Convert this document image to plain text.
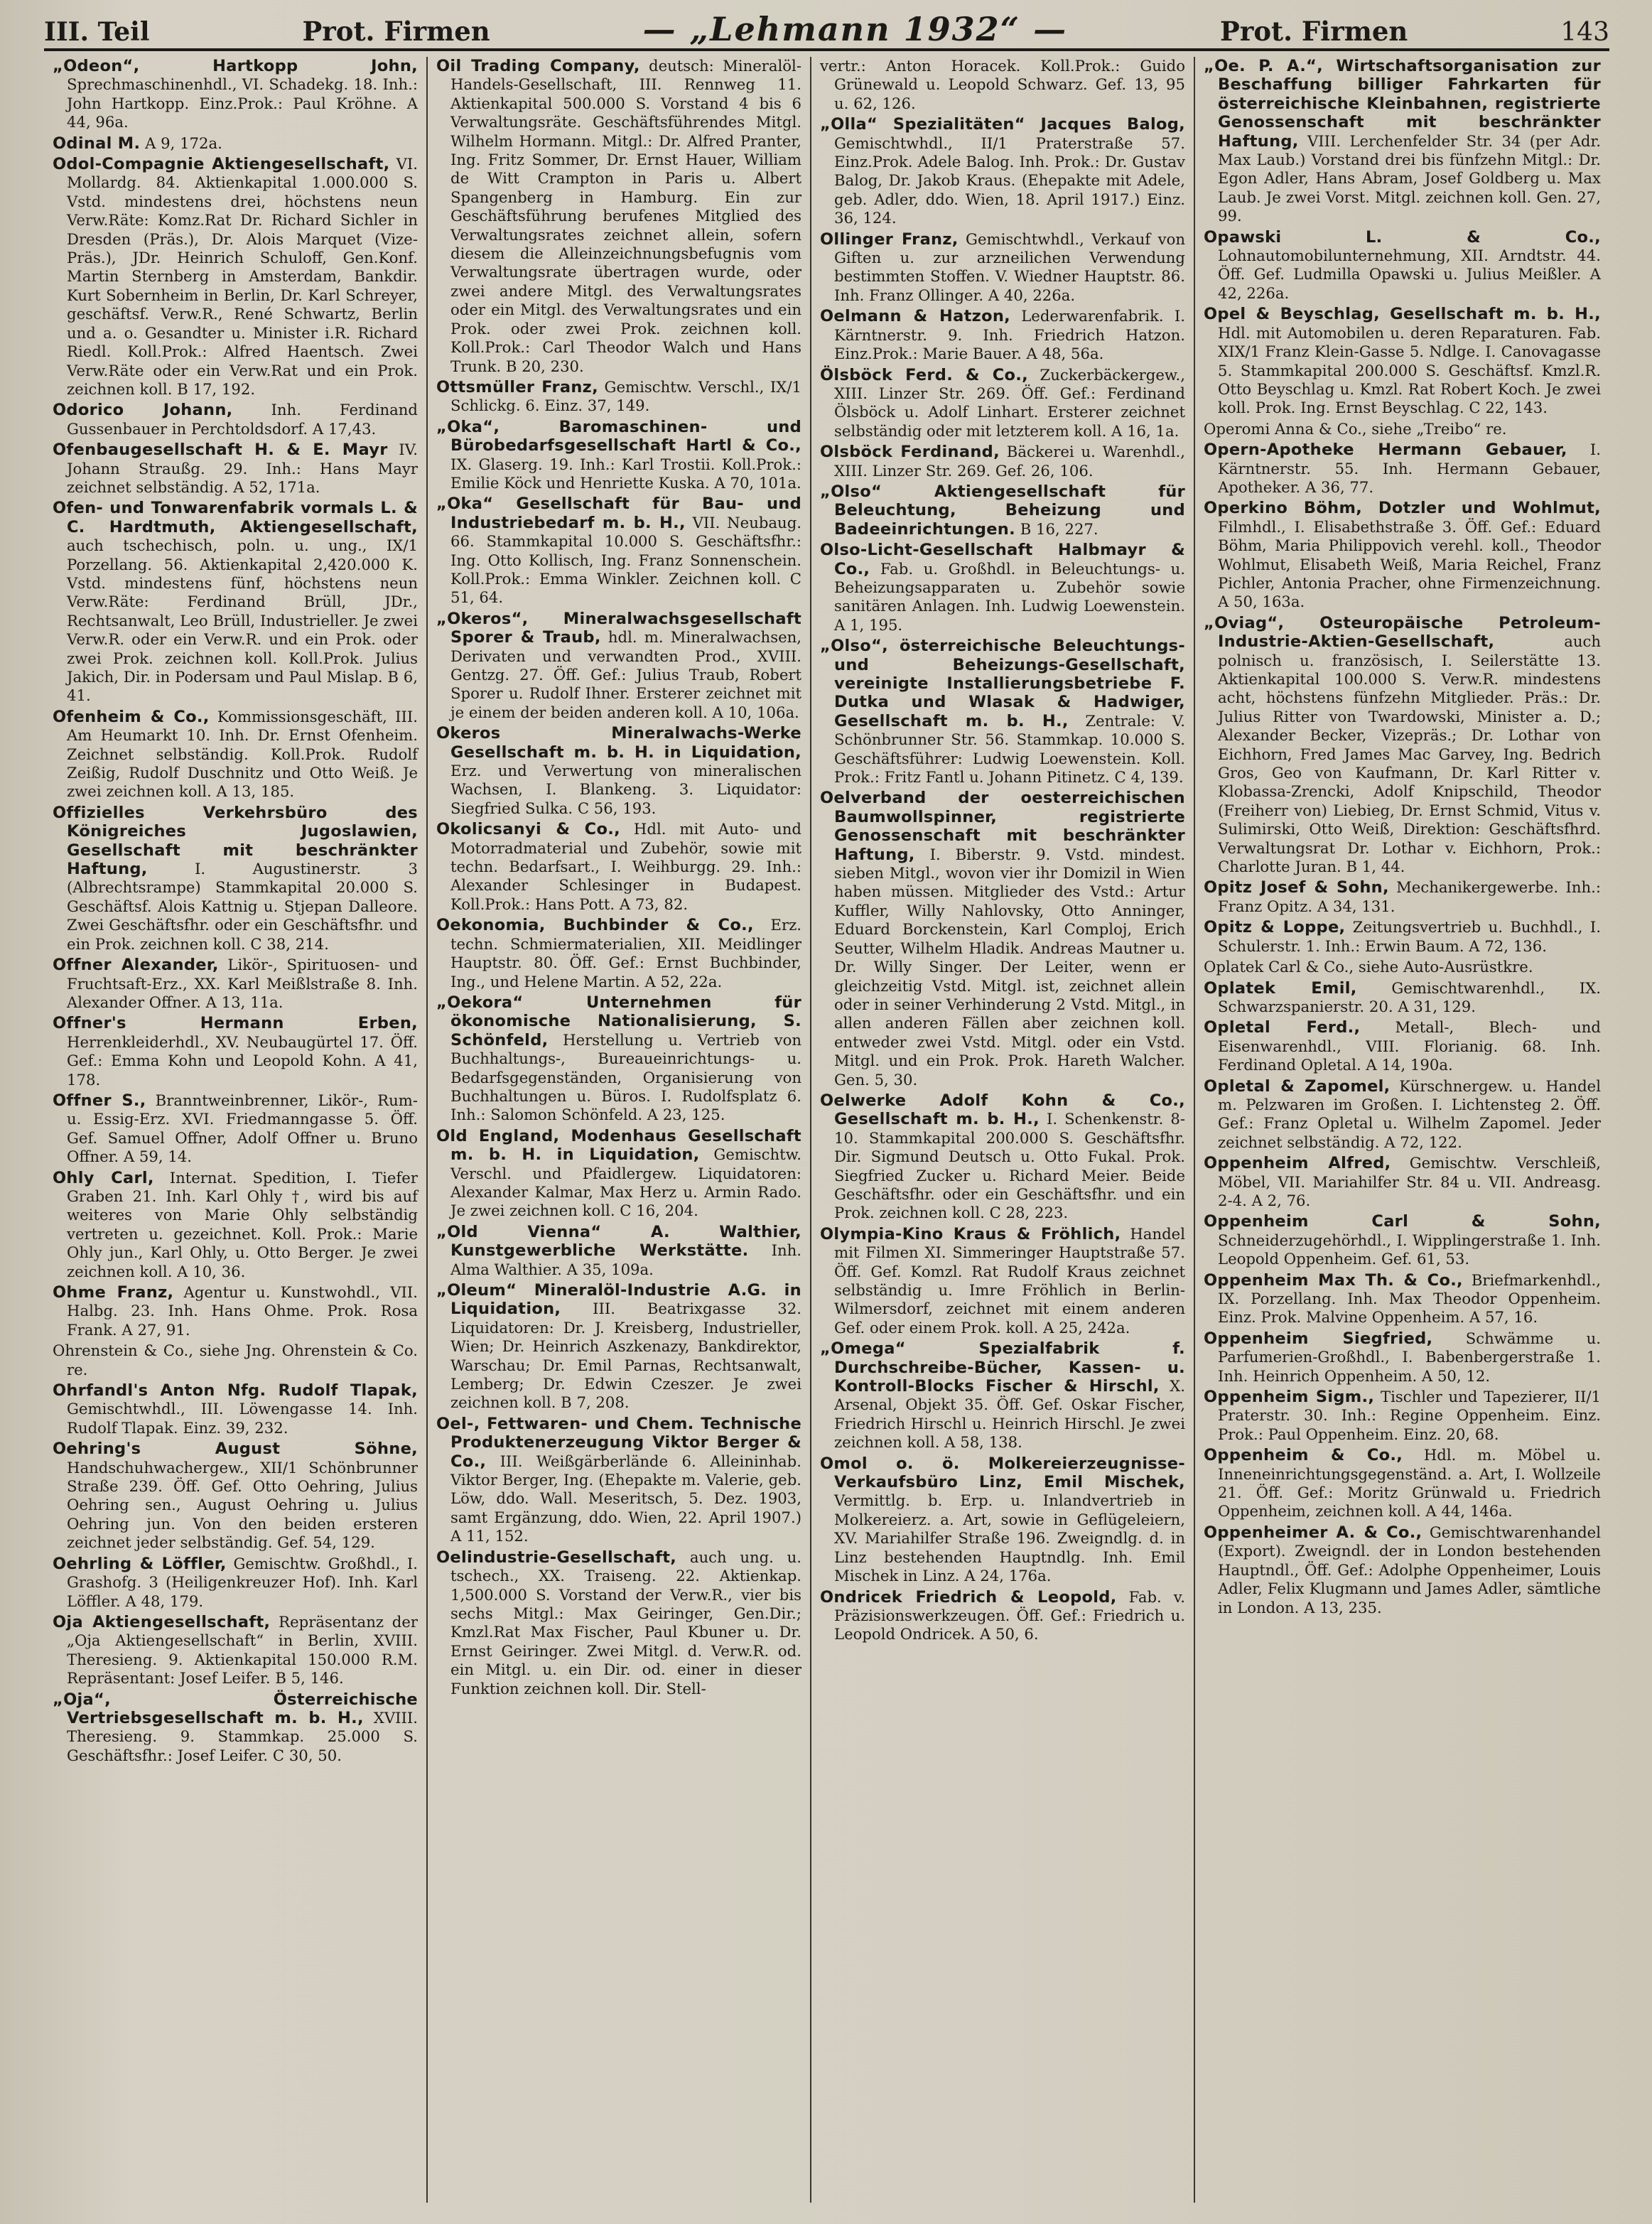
III. Teil	Prot. Firmen	— „Lehmann 1932“ —	Prot. Firmen	143

„Odeon“, Hartkopp John, Sprechmaschinenhdl., VI. Schadekg. 18. Inh.: John Hartkopp. Einz.Prok.: Paul Kröhne. A 44, 96a.

Odinal M. A 9, 172a.

Odol-Compagnie Aktiengesellschaft, VI. Mollardg. 84. Aktienkapital 1.000.000 S. Vstd. mindestens drei, höchstens neun Verw.Räte: Komz.Rat Dr. Richard Sichler in Dresden (Präs.), Dr. Alois Marquet (Vize-Präs.), JDr. Heinrich Schuloff, Gen.Konf. Martin Sternberg in Amsterdam, Bankdir. Kurt Sobernheim in Berlin, Dr. Karl Schreyer, geschäftsf. Verw.R., René Schwartz, Berlin und a. o. Gesandter u. Minister i.R. Richard Riedl. Koll.Prok.: Alfred Haentsch. Zwei Verw.Räte oder ein Verw.Rat und ein Prok. zeichnen koll. B 17, 192.

Odorico Johann,	Inh. Ferdinand Gussenbauer in Perchtoldsdorf. A 17,43.

Ofenbaugesellschaft H. & E. Mayr IV. Johann Straußg. 29. Inh.: Hans Mayr zeichnet selbständig. A 52, 171a.

Ofen- und Tonwarenfabrik vormals L. & C. Hardtmuth, Aktiengesellschaft, auch tschechisch, poln. u. ung., IX/1 Porzellang. 56. Aktienkapital 2,420.000 K. Vstd. mindestens fünf, höchstens neun Verw.Räte: Ferdinand Brüll, JDr., Rechtsanwalt, Leo Brüll, Industrieller. Je zwei Verw.R. oder ein Verw.R. und ein Prok. oder zwei Prok. zeichnen koll. Koll.Prok. Julius Jakich, Dir. in Podersam und Paul Mislap. B 6, 41.

Ofenheim & Co., Kommissionsgeschäft, III. Am Heumarkt 10. Inh. Dr. Ernst Ofenheim. Zeichnet selbständig. Koll.Prok. Rudolf Zeißig, Rudolf Duschnitz und Otto Weiß. Je zwei zeichnen koll. A 13, 185.

Offizielles Verkehrsbüro des Königreiches Jugoslawien, Gesellschaft mit beschränkter Haftung,	I. Augustinerstr. 3 (Albrechtsrampe) Stammkapital 20.000 S. Geschäftsf. Alois Kattnig u. Stjepan Dalleore. Zwei Geschäftsfhr. oder ein Geschäftsfhr. und ein Prok. zeichnen koll. C 38, 214.

Offner Alexander, Likör-, Spirituosen- und Fruchtsaft-Erz., XX. Karl Meißlstraße 8. Inh. Alexander Offner. A 13, 11a.

Offner's Hermann Erben, Herrenkleiderhdl., XV. Neubaugürtel 17. Öff. Gef.: Emma Kohn und Leopold Kohn. A 41, 178.

Offner S., Branntweinbrenner, Likör-, Rum- u. Essig-Erz. XVI. Friedmanngasse 5. Öff. Gef. Samuel Offner, Adolf Offner u. Bruno Offner. A 59, 14.

Ohly Carl, Internat. Spedition, I. Tiefer Graben 21. Inh. Karl Ohly †, wird bis auf weiteres von Marie Ohly selbständig vertreten u. gezeichnet. Koll. Prok.: Marie Ohly jun., Karl Ohly, u. Otto Berger. Je zwei zeichnen koll. A 10, 36.

Ohme Franz, Agentur u. Kunstwohdl., VII. Halbg. 23. Inh. Hans Ohme. Prok. Rosa Frank. A 27, 91.

Ohrenstein & Co., siehe Jng. Ohrenstein & Co. re.

Ohrfandl's Anton Nfg. Rudolf Tlapak, Gemischtwhdl., III. Löwengasse 14. Inh. Rudolf Tlapak. Einz. 39, 232.

Oehring's August Söhne, Handschuhwachergew., XII/1 Schönbrunner Straße 239. Öff. Gef. Otto Oehring, Julius Oehring sen., August Oehring u. Julius Oehring jun. Von den beiden ersteren zeichnet jeder selbständig. Gef. 54, 129.

Oehrling & Löffler, Gemischtw. Großhdl., I. Grashofg. 3 (Heiligenkreuzer Hof). Inh. Karl Löffler. A 48, 179.

Oja Aktiengesellschaft, Repräsentanz der „Oja Aktiengesellschaft“ in Berlin, XVIII. Theresieng. 9. Aktienkapital 150.000 R.M. Repräsentant: Josef Leifer. B 5, 146.

„Oja“, Österreichische Vertriebsgesellschaft m. b. H., XVIII. Theresieng. 9. Stammkap. 25.000 S. Geschäftsfhr.: Josef Leifer. C 30, 50.

Oil Trading Company, deutsch: Mineralöl-Handels-Gesellschaft, III. Rennweg 11. Aktienkapital 500.000 S. Vorstand 4 bis 6 Verwaltungsräte. Geschäftsführendes Mitgl. Wilhelm Hormann. Mitgl.: Dr. Alfred Pranter, Ing. Fritz Sommer, Dr. Ernst Hauer, William de Witt Crampton in Paris u. Albert Spangenberg in Hamburg. Ein zur Geschäftsführung berufenes Mitglied des Verwaltungsrates zeichnet allein, sofern diesem die Alleinzeichnungsbefugnis vom Verwaltungsrate übertragen wurde, oder zwei andere Mitgl. des Verwaltungsrates oder ein Mitgl. des Verwaltungsrates und ein Prok. oder zwei Prok. zeichnen koll. Koll.Prok.: Carl Theodor Walch und Hans Trunk. B 20, 230.

Ottsmüller Franz, Gemischtw. Verschl., IX/1 Schlickg. 6. Einz. 37, 149.

„Oka“, Baromaschinen- und Bürobedarfsgesellschaft Hartl & Co., IX. Glaserg. 19. Inh.: Karl Trostii. Koll.Prok.: Emilie Köck und Henriette Kuska. A 70, 101a.

„Oka“ Gesellschaft für Bau- und Industriebedarf m. b. H., VII. Neubaug. 66. Stammkapital 10.000 S. Geschäftsfhr.: Ing. Otto Kollisch, Ing. Franz Sonnenschein. Koll.Prok.: Emma Winkler. Zeichnen koll. C 51, 64.

„Okeros“, Mineralwachsgesellschaft Sporer & Traub, hdl. m. Mineralwachsen, Derivaten und verwandten Prod., XVIII. Gentzg. 27. Öff. Gef.: Julius Traub, Robert Sporer u. Rudolf Ihner. Ersterer zeichnet mit je einem der beiden anderen koll. A 10, 106a.

Okeros Mineralwachs-Werke Gesellschaft m. b. H. in Liquidation, Erz. und Verwertung von mineralischen Wachsen, I. Blankeng. 3. Liquidator: Siegfried Sulka. C 56, 193.

Okolicsanyi & Co., Hdl. mit Auto- und Motorradmaterial und Zubehör, sowie mit techn. Bedarfsart., I. Weihburgg. 29. Inh.: Alexander Schlesinger in Budapest. Koll.Prok.: Hans Pott. A 73, 82.

Oekonomia, Buchbinder & Co., Erz. techn. Schmiermaterialien, XII. Meidlinger Hauptstr. 80. Öff. Gef.: Ernst Buchbinder, Ing., und Helene Martin. A 52, 22a.

„Oekora“ Unternehmen für ökonomische Nationalisierung, S. Schönfeld, Herstellung u. Vertrieb von Buchhaltungs-, Bureaueinrichtungs- u. Bedarfsgegenständen, Organisierung von Buchhaltungen u. Büros. I. Rudolfsplatz 6. Inh.: Salomon Schönfeld. A 23, 125.

Old England, Modenhaus Gesellschaft m. b. H. in Liquidation, Gemischtw. Verschl. und Pfaidlergew. Liquidatoren: Alexander Kalmar, Max Herz u. Armin Rado. Je zwei zeichnen koll. C 16, 204.

„Old Vienna“ A. Walthier, Kunstgewerbliche Werkstätte. Inh. Alma Walthier. A 35, 109a.

„Oleum“ Mineralöl-Industrie A.G. in Liquidation, III. Beatrixgasse 32. Liquidatoren: Dr. J. Kreisberg, Industrieller, Wien; Dr. Heinrich Aszkenazy, Bankdirektor, Warschau; Dr. Emil Parnas, Rechtsanwalt, Lemberg; Dr. Edwin Czeszer. Je zwei zeichnen koll. B 7, 208.

Oel-, Fettwaren- und Chem. Technische Produktenerzeugung Viktor Berger & Co., III. Weißgärberlände 6. Alleininhab. Viktor Berger, Ing. (Ehepakte m. Valerie, geb. Löw, ddo. Wall. Meseritsch, 5. Dez. 1903, samt Ergänzung, ddo. Wien, 22. April 1907.) A 11, 152.

Oelindustrie-Gesellschaft, auch ung. u. tschech., XX. Traiseng. 22. Aktienkap. 1,500.000 S. Vorstand der Verw.R., vier bis sechs Mitgl.: Max Geiringer, Gen.Dir.; Kmzl.Rat Max Fischer, Paul Kbuner u. Dr. Ernst Geiringer. Zwei Mitgl. d. Verw.R. od. ein Mitgl. u. ein Dir. od. einer in dieser Funktion zeichnen koll. Dir. Stell-

vertr.: Anton Horacek. Koll.Prok.: Guido Grünewald u. Leopold Schwarz. Gef. 13, 95 u. 62, 126.

„Olla“ Spezialitäten“ Jacques Balog, Gemischtwhdl., II/1 Praterstraße 57. Einz.Prok. Adele Balog. Inh. Prok.: Dr. Gustav Balog, Dr. Jakob Kraus. (Ehepakte mit Adele, geb. Adler, ddo. Wien, 18. April 1917.) Einz. 36, 124.

Ollinger Franz, Gemischtwhdl., Verkauf von Giften u. zur arzneilichen Verwendung bestimmten Stoffen. V. Wiedner Hauptstr. 86. Inh. Franz Ollinger. A 40, 226a.

Oelmann & Hatzon, Lederwarenfabrik. I. Kärntnerstr. 9. Inh. Friedrich Hatzon. Einz.Prok.: Marie Bauer. A 48, 56a.

Ölsböck Ferd. & Co., Zuckerbäckergew., XIII. Linzer Str. 269. Öff. Gef.: Ferdinand Ölsböck u. Adolf Linhart. Ersterer zeichnet selbständig oder mit letzterem koll. A 16, 1a.

Olsböck Ferdinand, Bäckerei u. Warenhdl., XIII. Linzer Str. 269. Gef. 26, 106.

„Olso“ Aktiengesellschaft für Beleuchtung, Beheizung und Badeeinrichtungen. B 16, 227.

Olso-Licht-Gesellschaft Halbmayr & Co., Fab. u. Großhdl. in Beleuchtungs- u. Beheizungsapparaten u. Zubehör sowie sanitären Anlagen. Inh. Ludwig Loewenstein. A 1, 195.

„Olso“, österreichische Beleuchtungs- und Beheizungs-Gesellschaft, vereinigte Installierungsbetriebe F. Dutka und Wlasak & Hadwiger, Gesellschaft m. b. H., Zentrale: V. Schönbrunner Str. 56. Stammkap. 10.000 S. Geschäftsführer: Ludwig Loewenstein. Koll. Prok.: Fritz Fantl u. Johann Pitinetz. C 4, 139.

Oelverband der oesterreichischen Baumwollspinner, registrierte Genossenschaft mit beschränkter Haftung, I. Biberstr. 9. Vstd. mindest. sieben Mitgl., wovon vier ihr Domizil in Wien haben müssen. Mitglieder des Vstd.: Artur Kuffler, Willy Nahlovsky, Otto Anninger, Eduard Borckenstein, Karl Comploj, Erich Seutter, Wilhelm Hladik. Andreas Mautner u. Dr. Willy Singer. Der Leiter, wenn er gleichzeitig Vstd. Mitgl. ist, zeichnet allein oder in seiner Verhinderung 2 Vstd. Mitgl., in allen anderen Fällen aber zeichnen koll. entweder zwei Vstd. Mitgl. oder ein Vstd. Mitgl. und ein Prok. Prok. Hareth Walcher. Gen. 5, 30.

Oelwerke Adolf Kohn & Co., Gesellschaft m. b. H., I. Schenkenstr. 8-10. Stammkapital 200.000 S. Geschäftsfhr. Dir. Sigmund Deutsch u. Otto Fukal. Prok. Siegfried Zucker u. Richard Meier. Beide Geschäftsfhr. oder ein Geschäftsfhr. und ein Prok. zeichnen koll. C 28, 223.

Olympia-Kino Kraus & Fröhlich, Handel mit Filmen XI. Simmeringer Hauptstraße 57. Öff. Gef. Komzl. Rat Rudolf Kraus zeichnet selbständig u. Imre Fröhlich in Berlin-Wilmersdorf, zeichnet mit einem anderen Gef. oder einem Prok. koll. A 25, 242a.

„Omega“ Spezialfabrik f. Durchschreibe-Bücher, Kassen- u. Kontroll-Blocks Fischer & Hirschl, X. Arsenal, Objekt 35. Öff. Gef. Oskar Fischer, Friedrich Hirschl u. Heinrich Hirschl. Je zwei zeichnen koll. A 58, 138.

Omol o. ö. Molkereierzeugnisse-Verkaufsbüro Linz, Emil Mischek, Vermittlg. b. Erp. u. Inlandvertrieb in Molkereierz. a. Art, sowie in Geflügeleiern, XV. Mariahilfer Straße 196. Zweigndlg. d. in Linz bestehenden Hauptndlg. Inh. Emil Mischek in Linz. A 24, 176a.

Ondricek Friedrich & Leopold, Fab. v. Präzisionswerkzeugen. Öff. Gef.: Friedrich u. Leopold Ondricek. A 50, 6.

„Oe. P. A.“, Wirtschaftsorganisation zur Beschaffung billiger Fahrkarten für österreichische Kleinbahnen, registrierte Genossenschaft mit beschränkter Haftung, VIII. Lerchenfelder Str. 34 (per Adr. Max Laub.) Vorstand drei bis fünfzehn Mitgl.: Dr. Egon Adler, Hans Abram, Josef Goldberg u. Max Laub. Je zwei Vorst. Mitgl. zeichnen koll. Gen. 27, 99.

Opawski L. & Co., Lohnautomobilunternehmung, XII. Arndtstr. 44. Öff. Gef. Ludmilla Opawski u. Julius Meißler. A 42, 226a.

Opel & Beyschlag, Gesellschaft m. b. H., Hdl. mit Automobilen u. deren Reparaturen. Fab. XIX/1 Franz Klein-Gasse 5. Ndlge. I. Canovagasse 5. Stammkapital 200.000 S. Geschäftsf. Kmzl.R. Otto Beyschlag u. Kmzl. Rat Robert Koch. Je zwei koll. Prok. Ing. Ernst Beyschlag. C 22, 143.

Operomi Anna & Co., siehe „Treibo“ re.

Opern-Apotheke Hermann Gebauer, I. Kärntnerstr. 55. Inh. Hermann Gebauer, Apotheker. A 36, 77.

Operkino Böhm, Dotzler und Wohlmut, Filmhdl., I. Elisabethstraße 3. Öff. Gef.: Eduard Böhm, Maria Philippovich verehl. koll., Theodor Wohlmut, Elisabeth Weiß, Maria Reichel, Franz Pichler, Antonia Pracher, ohne Firmenzeichnung. A 50, 163a.

„Oviag“, Osteuropäische Petroleum-Industrie-Aktien-Gesellschaft,	auch polnisch u. französisch, I. Seilerstätte 13. Aktienkapital 100.000 S. Verw.R. mindestens acht, höchstens fünfzehn Mitglieder. Präs.: Dr. Julius Ritter von Twardowski, Minister a. D.; Alexander Becker, Vizepräs.; Dr. Lothar von Eichhorn, Fred James Mac Garvey, Ing. Bedrich Gros, Geo von Kaufmann, Dr. Karl Ritter v. Klobassa-Zrencki, Adolf Knipschild, Theodor (Freiherr von) Liebieg, Dr. Ernst Schmid, Vitus v. Sulimirski, Otto Weiß, Direktion: Geschäftsfhrd. Verwaltungsrat Dr. Lothar v. Eichhorn, Prok.: Charlotte Juran. B 1, 44.

Opitz Josef & Sohn, Mechanikergewerbe. Inh.: Franz Opitz. A 34, 131.

Opitz & Loppe, Zeitungsvertrieb u. Buchhdl., I. Schulerstr. 1. Inh.: Erwin Baum. A 72, 136.

Oplatek Carl & Co., siehe Auto-Ausrüstkre.

Oplatek Emil, Gemischtwarenhdl., IX. Schwarzspanierstr. 20. A 31, 129.

Opletal Ferd., Metall-, Blech- und Eisenwarenhdl., VIII. Florianig. 68. Inh. Ferdinand Opletal. A 14, 190a.

Opletal & Zapomel, Kürschnergew. u. Handel m. Pelzwaren im Großen. I. Lichtensteg 2. Öff. Gef.: Franz Opletal u. Wilhelm Zapomel. Jeder zeichnet selbständig. A 72, 122.

Oppenheim Alfred, Gemischtw. Verschleiß, Möbel, VII. Mariahilfer Str. 84 u. VII. Andreasg. 2-4. A 2, 76.

Oppenheim Carl & Sohn, Schneiderzugehörhdl., I. Wipplingerstraße 1. Inh. Leopold Oppenheim. Gef. 61, 53.

Oppenheim Max Th. & Co., Briefmarkenhdl., IX. Porzellang. Inh. Max Theodor Oppenheim. Einz. Prok. Malvine Oppenheim. A 57, 16.

Oppenheim Siegfried, Schwämme u. Parfumerien-Großhdl., I. Babenbergerstraße 1. Inh. Heinrich Oppenheim. A 50, 12.

Oppenheim Sigm., Tischler und Tapezierer, II/1 Praterstr. 30. Inh.: Regine Oppenheim. Einz. Prok.: Paul Oppenheim. Einz. 20, 68.

Oppenheim & Co., Hdl. m. Möbel u. Inneneinrichtungsgegenständ. a. Art, I. Wollzeile 21. Öff. Gef.: Moritz Grünwald u. Friedrich Oppenheim, zeichnen koll. A 44, 146a.

Oppenheimer A. & Co., Gemischtwarenhandel (Export). Zweigndl. der in London bestehenden Hauptndl., Öff. Gef.: Adolphe Oppenheimer, Louis Adler, Felix Klugmann und James Adler, sämtliche in London. A 13, 235.
